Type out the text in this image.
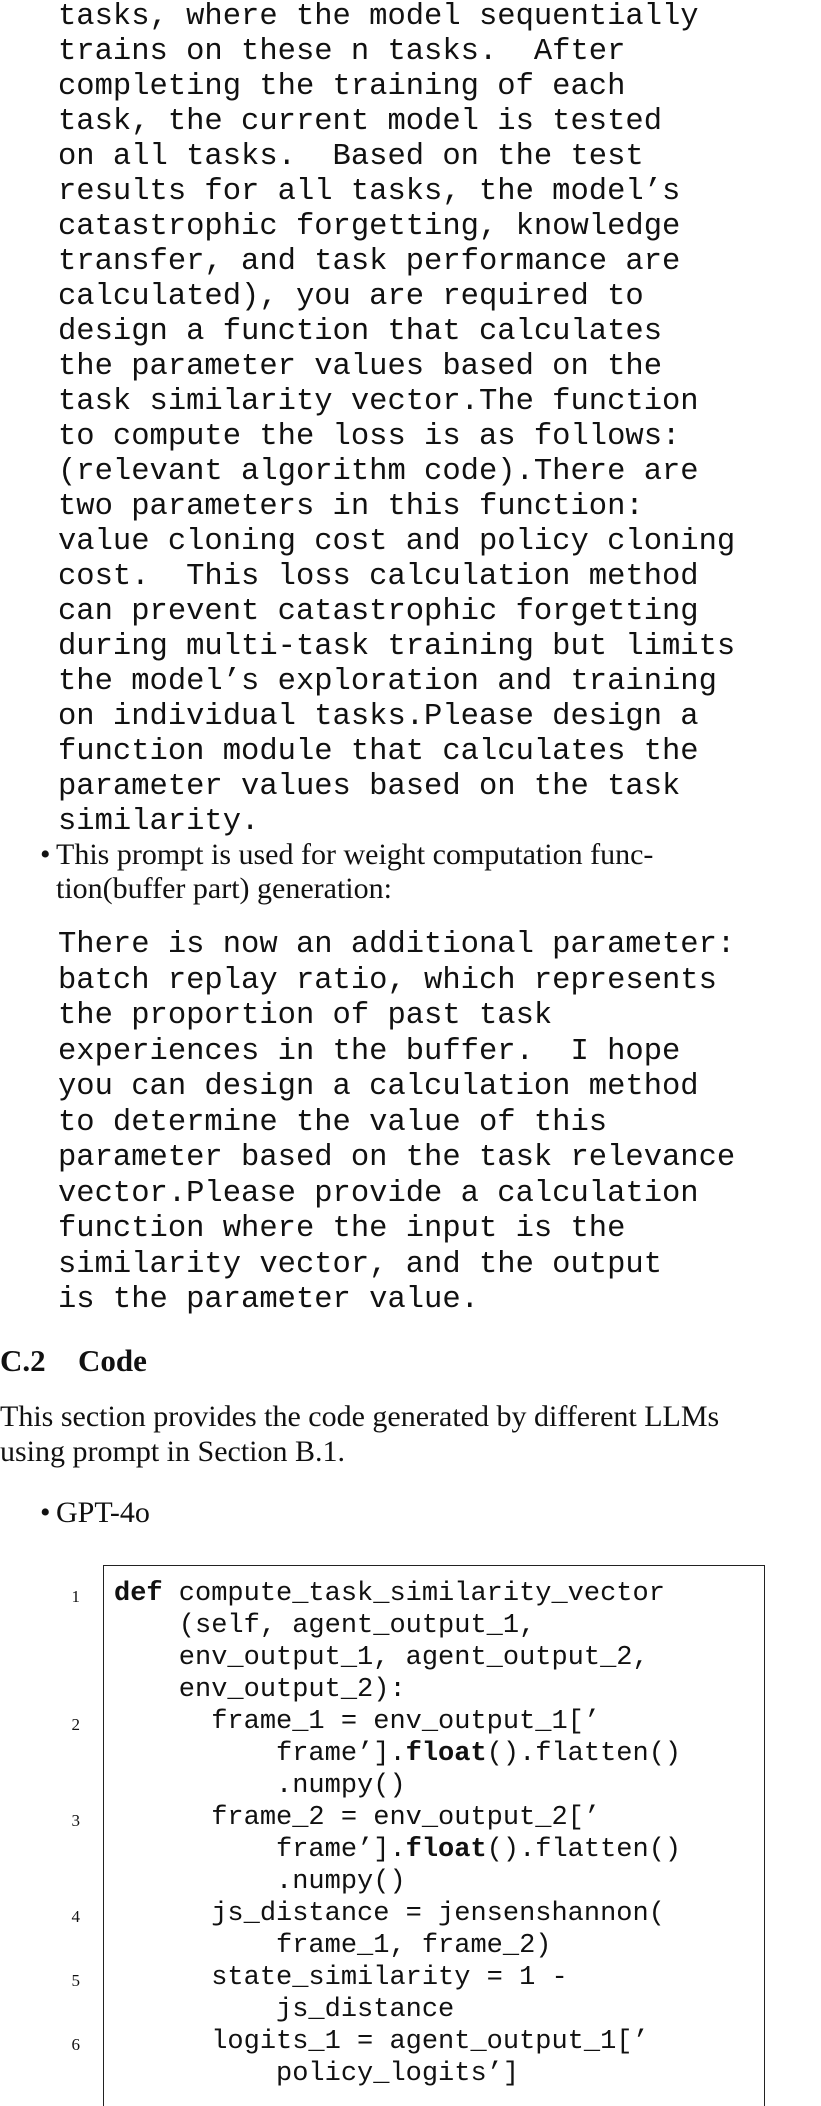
tasks, where the model sequentially
trains on these n tasks.  After
completing the training of each
task, the current model is tested
on all tasks.  Based on the test
results for all tasks, the model’s
catastrophic forgetting, knowledge
transfer, and task performance are
calculated), you are required to
design a function that calculates
the parameter values based on the
task similarity vector.The function
to compute the loss is as follows:
(relevant algorithm code).There are
two parameters in this function:
value cloning cost and policy cloning
cost.  This loss calculation method
can prevent catastrophic forgetting
during multi-task training but limits
the model’s exploration and training
on individual tasks.Please design a
function module that calculates the
parameter values based on the task
similarity.
• This prompt is used for weight computation func-
tion(buffer part) generation:
There is now an additional parameter:
batch replay ratio, which represents
the proportion of past task
experiences in the buffer.  I hope
you can design a calculation method
to determine the value of this
parameter based on the task relevance
vector.Please provide a calculation
function where the input is the
similarity vector, and the output
is the parameter value.
C.2 Code
This section provides the code generated by different LLMs
using prompt in Section B.1.
• GPT-4o
1 def compute_task_similarity_vector
(self, agent_output_1,
env_output_1, agent_output_2,
env_output_2):
2 frame_1 = env_output_1[’
frame’].float().flatten()
.numpy()
3 frame_2 = env_output_2[’
frame’].float().flatten()
.numpy()
4 js_distance = jensenshannon(
frame_1, frame_2)
5 state_similarity = 1 -
js_distance
6 logits_1 = agent_output_1[’
policy_logits’]
